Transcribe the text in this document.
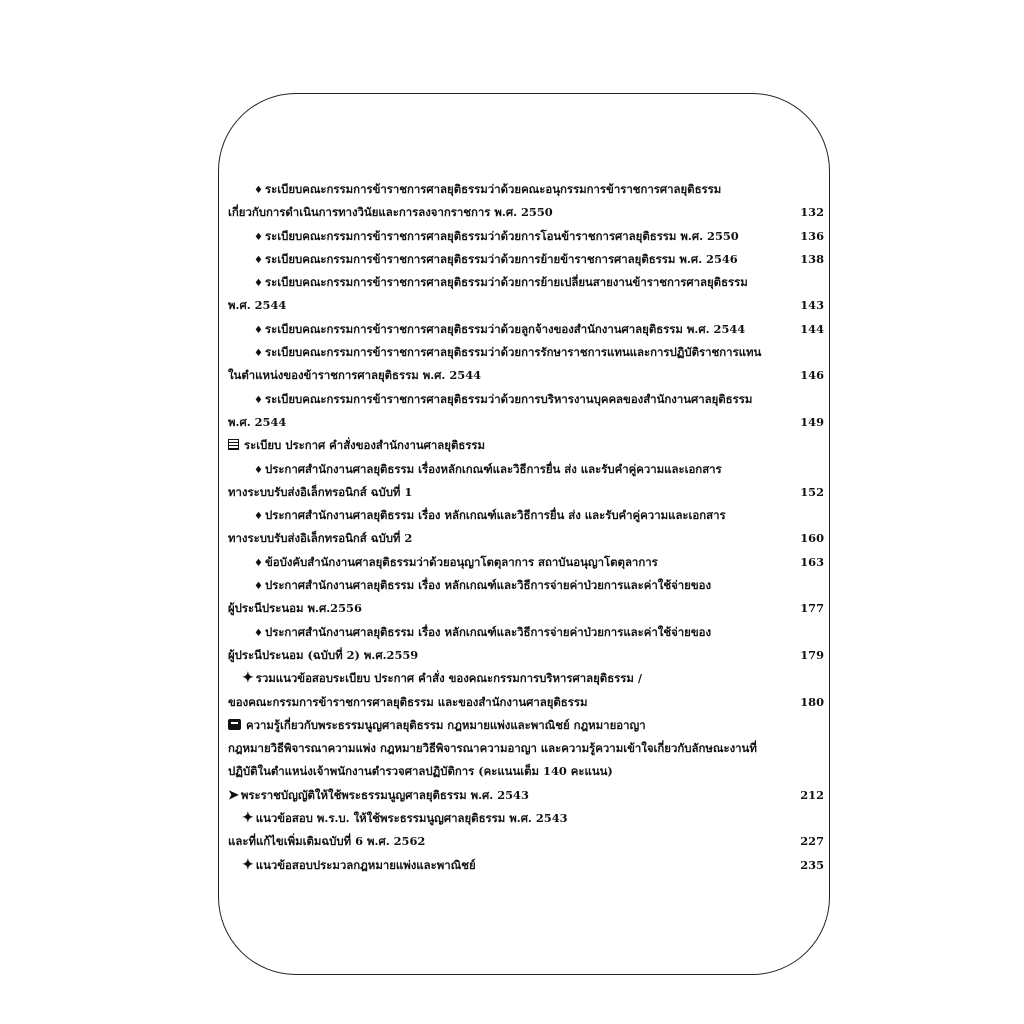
♦ ระเบียบคณะกรรมการข้าราชการศาลยุติธรรมว่าด้วยคณะอนุกรรมการข้าราชการศาลยุติธรรม
เกี่ยวกับการดำเนินการทางวินัยและการลงจากราชการ พ.ศ. 2550	132
♦ ระเบียบคณะกรรมการข้าราชการศาลยุติธรรมว่าด้วยการโอนข้าราชการศาลยุติธรรม พ.ศ. 2550	136
♦ ระเบียบคณะกรรมการข้าราชการศาลยุติธรรมว่าด้วยการย้ายข้าราชการศาลยุติธรรม พ.ศ. 2546	138
♦ ระเบียบคณะกรรมการข้าราชการศาลยุติธรรมว่าด้วยการย้ายเปลี่ยนสายงานข้าราชการศาลยุติธรรม
พ.ศ. 2544	143
♦ ระเบียบคณะกรรมการข้าราชการศาลยุติธรรมว่าด้วยลูกจ้างของสำนักงานศาลยุติธรรม พ.ศ. 2544	144
♦ ระเบียบคณะกรรมการข้าราชการศาลยุติธรรมว่าด้วยการรักษาราชการแทนและการปฏิบัติราชการแทน
ในตำแหน่งของข้าราชการศาลยุติธรรม พ.ศ. 2544	146
♦ ระเบียบคณะกรรมการข้าราชการศาลยุติธรรมว่าด้วยการบริหารงานบุคคลของสำนักงานศาลยุติธรรม
พ.ศ. 2544	149
ระเบียบ ประกาศ คำสั่งของสำนักงานศาลยุติธรรม
♦ ประกาศสำนักงานศาลยุติธรรม เรื่องหลักเกณฑ์และวิธีการยื่น ส่ง และรับคำคู่ความและเอกสาร
ทางระบบรับส่งอิเล็กทรอนิกส์ ฉบับที่ 1	152
♦ ประกาศสำนักงานศาลยุติธรรม เรื่อง หลักเกณฑ์และวิธีการยื่น ส่ง และรับคำคู่ความและเอกสาร
ทางระบบรับส่งอิเล็กทรอนิกส์ ฉบับที่ 2	160
♦ ข้อบังคับสำนักงานศาลยุติธรรมว่าด้วยอนุญาโตตุลาการ สถาบันอนุญาโตตุลาการ	163
♦ ประกาศสำนักงานศาลยุติธรรม เรื่อง หลักเกณฑ์และวิธีการจ่ายค่าป่วยการและค่าใช้จ่ายของ
ผู้ประนีประนอม พ.ศ.2556	177
♦ ประกาศสำนักงานศาลยุติธรรม เรื่อง หลักเกณฑ์และวิธีการจ่ายค่าป่วยการและค่าใช้จ่ายของ
ผู้ประนีประนอม (ฉบับที่ 2) พ.ศ.2559	179
✦ รวมแนวข้อสอบระเบียบ ประกาศ คำสั่ง ของคณะกรรมการบริหารศาลยุติธรรม /
ของคณะกรรมการข้าราชการศาลยุติธรรม และของสำนักงานศาลยุติธรรม	180
ความรู้เกี่ยวกับพระธรรมนูญศาลยุติธรรม กฎหมายแพ่งและพาณิชย์ กฎหมายอาญา
กฎหมายวิธีพิจารณาความแพ่ง กฎหมายวิธีพิจารณาความอาญา และความรู้ความเข้าใจเกี่ยวกับลักษณะงานที่
ปฏิบัติในตำแหน่งเจ้าพนักงานตำรวจศาลปฏิบัติการ (คะแนนเต็ม 140 คะแนน)
➤ พระราชบัญญัติให้ใช้พระธรรมนูญศาลยุติธรรม พ.ศ. 2543	212
✦ แนวข้อสอบ พ.ร.บ. ให้ใช้พระธรรมนูญศาลยุติธรรม พ.ศ. 2543
และที่แก้ไขเพิ่มเติมฉบับที่ 6 พ.ศ. 2562	227
✦ แนวข้อสอบประมวลกฎหมายแพ่งและพาณิชย์	235
